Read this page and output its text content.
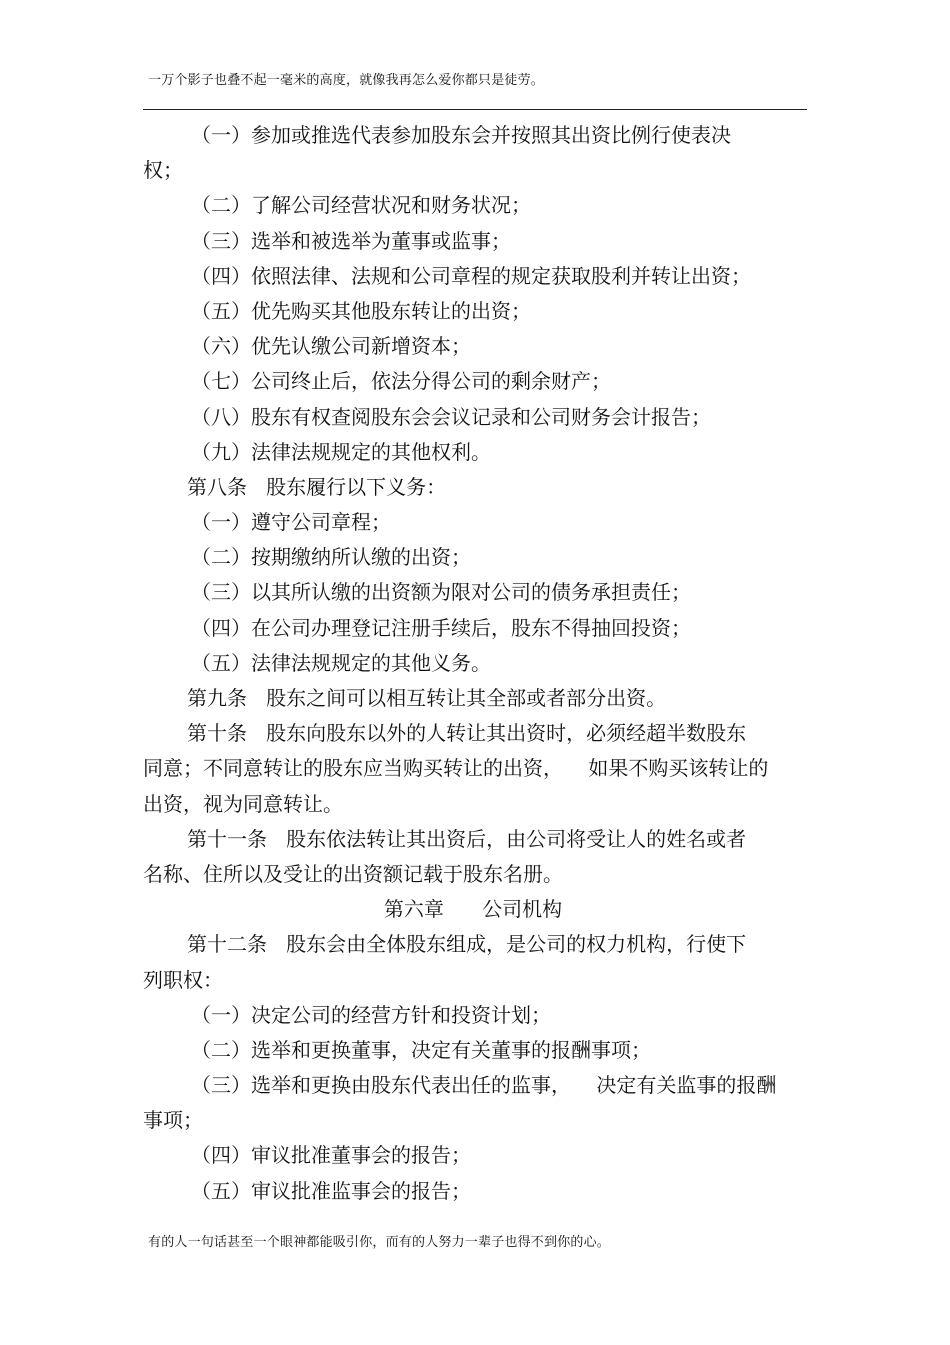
一万个影子也叠不起一毫米的高度，就像我再怎么爱你都只是徒劳。
（一）参加或推选代表参加股东会并按照其出资比例行使表决
权；
（二）了解公司经营状况和财务状况；
（三）选举和被选举为董事或监事；
（四）依照法律、法规和公司章程的规定获取股利并转让出资；
（五）优先购买其他股东转让的出资；
（六）优先认缴公司新增资本；
（七）公司终止后，依法分得公司的剩余财产；
（八）股东有权查阅股东会会议记录和公司财务会计报告；
（九）法律法规规定的其他权利。
第八条   股东履行以下义务：
（一）遵守公司章程；
（二）按期缴纳所认缴的出资；
（三）以其所认缴的出资额为限对公司的债务承担责任；
（四）在公司办理登记注册手续后，股东不得抽回投资；
（五）法律法规规定的其他义务。
第九条   股东之间可以相互转让其全部或者部分出资。
第十条   股东向股东以外的人转让其出资时，必须经超半数股东
同意；不同意转让的股东应当购买转让的出资，    如果不购买该转让的
出资，视为同意转让。
第十一条   股东依法转让其出资后，由公司将受让人的姓名或者
名称、住所以及受让的出资额记载于股东名册。
第六章      公司机构
第十二条   股东会由全体股东组成，是公司的权力机构，行使下
列职权：
（一）决定公司的经营方针和投资计划；
（二）选举和更换董事，决定有关董事的报酬事项；
（三）选举和更换由股东代表出任的监事，    决定有关监事的报酬
事项；
（四）审议批准董事会的报告；
（五）审议批准监事会的报告；
有的人一句话甚至一个眼神都能吸引你，而有的人努力一辈子也得不到你的心。
